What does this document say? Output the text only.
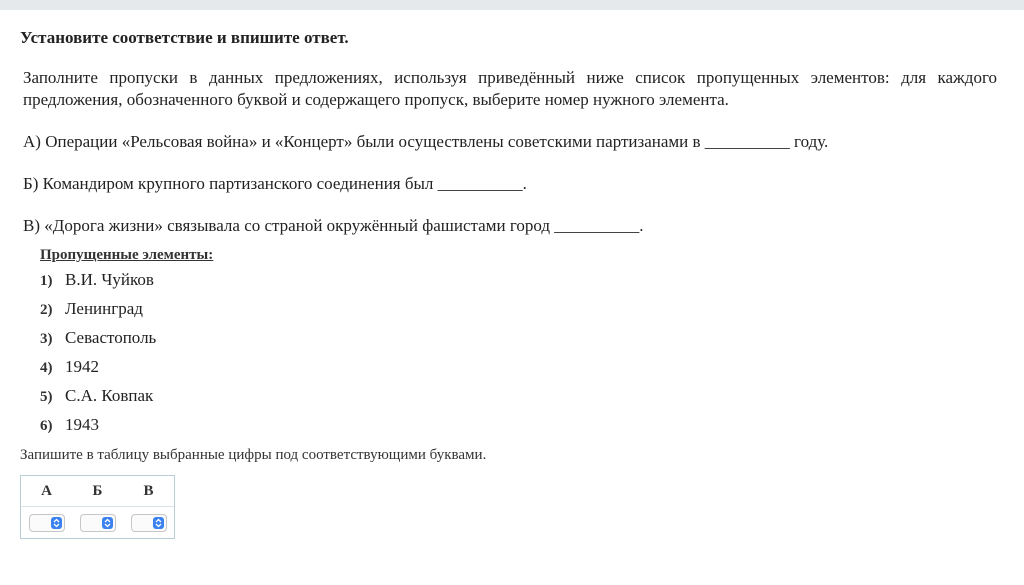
Установите соответствие и впишите ответ.
Заполните пропуски в данных предложениях, используя приведённый ниже список пропущенных элементов: для каждого предложения, обозначенного буквой и содержащего пропуск, выберите номер нужного элемента.
А) Операции «Рельсовая война» и «Концерт» были осуществлены советскими партизанами в __________ году.
Б) Командиром крупного партизанского соединения был __________.
В) «Дорога жизни» связывала со страной окружённый фашистами город __________.
Пропущенные элементы:
1) В.И. Чуйков
2) Ленинград
3) Севастополь
4) 1942
5) С.А. Ковпак
6) 1943
Запишите в таблицу выбранные цифры под соответствующими буквами.
А	Б	В
